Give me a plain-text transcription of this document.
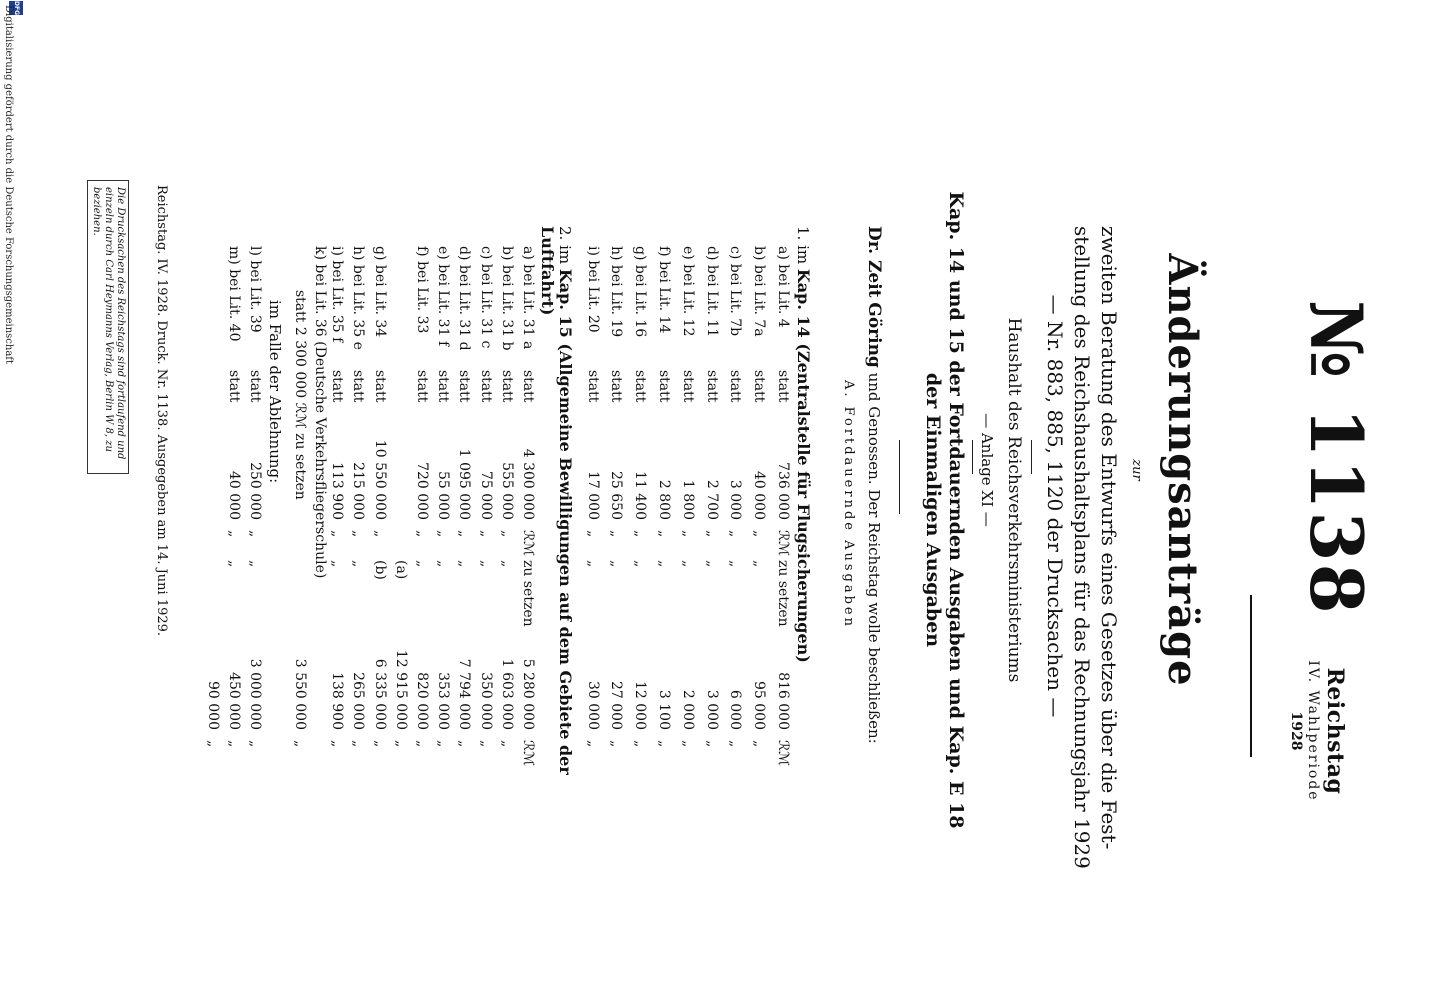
Reichstag
IV. Wahlperiode
1928
№ 1138
Änderungsanträge
zur
zweiten Beratung des Entwurfs eines Gesetzes über die Fest-
stellung des Reichshaushaltsplans für das Rechnungsjahr 1929
— Nr. 883, 885, 1120 der Drucksachen —
Haushalt des Reichsverkehrsministeriums
— Anlage XI —
Kap. 14 und 15 der Fortdauernden Ausgaben und Kap. E 18 der Einmaligen Ausgaben
Dr. Zeit Göring und Genossen. Der Reichstag wolle beschließen:
A. Fortdauernde Ausgaben
1. im Kap. 14 (Zentralstelle für Flugsicherungen)
a) bei Lit. 4
statt
736 000
ℛℳ
zu setzen
816 000
ℛℳ
b) bei Lit. 7a
statt
40 000
„
„
95 000
„
c) bei Lit. 7b
statt
3 000
„
„
6 000
„
d) bei Lit. 11
statt
2 700
„
„
3 000
„
e) bei Lit. 12
statt
1 800
„
„
2 000
„
f) bei Lit. 14
statt
2 800
„
„
3 100
„
g) bei Lit. 16
statt
11 400
„
„
12 000
„
h) bei Lit. 19
statt
25 650
„
„
27 000
„
i) bei Lit. 20
statt
17 000
„
„
30 000
„
2. im Kap. 15 (Allgemeine Bewilligungen auf dem Gebiete der Luftfahrt)
a) bei Lit. 31 a
statt
4 300 000
ℛℳ
zu setzen
5 280 000
ℛℳ
b) bei Lit. 31 b
statt
555 000
„
„
1 603 000
„
c) bei Lit. 31 c
statt
75 000
„
„
350 000
„
d) bei Lit. 31 d
statt
1 095 000
„
„
7 794 000
„
e) bei Lit. 31 f
statt
55 000
„
„
353 000
„
f) bei Lit. 33
statt
720 000
„
„
820 000
„
(a)
12 915 000
„
g) bei Lit. 34
statt
10 550 000
„
(b)
6 335 000
„
h) bei Lit. 35 e
statt
215 000
„
„
265 000
„
i) bei Lit. 35 f
statt
113 900
„
„
138 900
„
k) bei Lit. 36 (Deutsche Verkehrsfliegerschule)
statt 2 300 000 ℛℳ zu setzen
3 550 000
„
im Falle der Ablehnung:
l) bei Lit. 39
statt
250 000
„
„
3 000 000
„
m) bei Lit. 40
statt
40 000
„
„
450 000
„
90 000
„
Reichstag. IV. 1928. Druck. Nr. 1138. Ausgegeben am 14. Juni 1929.
Die Drucksachen des Reichstags sind fortlaufend und einzeln durch Carl Heymanns Verlag, Berlin W 8, zu beziehen.
DFG
Digitalisierung gefördert durch die Deutsche Forschungsgemeinschaft
